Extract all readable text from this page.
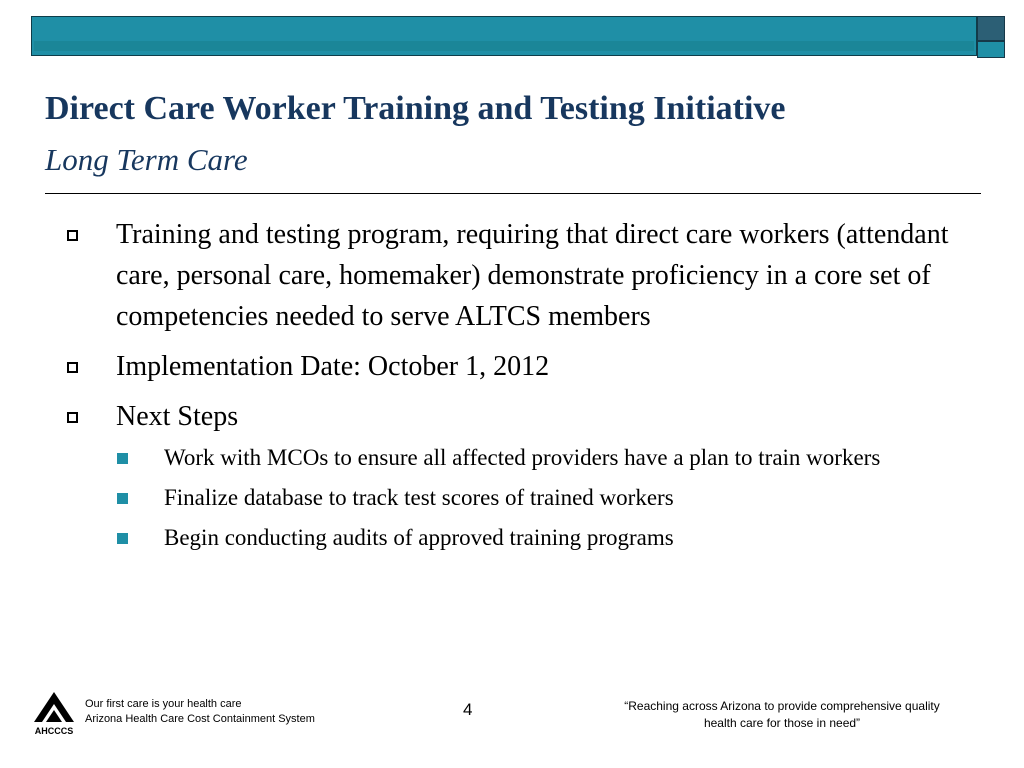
Direct Care Worker Training and Testing Initiative
Long Term Care
Training and testing program, requiring that direct care workers (attendant care, personal care, homemaker) demonstrate proficiency in a core set of competencies needed to serve ALTCS members
Implementation Date: October 1, 2012
Next Steps
Work with MCOs to ensure all affected providers have a plan to train workers
Finalize database to track test scores of trained workers
Begin conducting audits of approved training programs
AHCCCS
Our first care is your health care
Arizona Health Care Cost Containment System	4	“Reaching across Arizona to provide comprehensive quality
health care for those in need”
